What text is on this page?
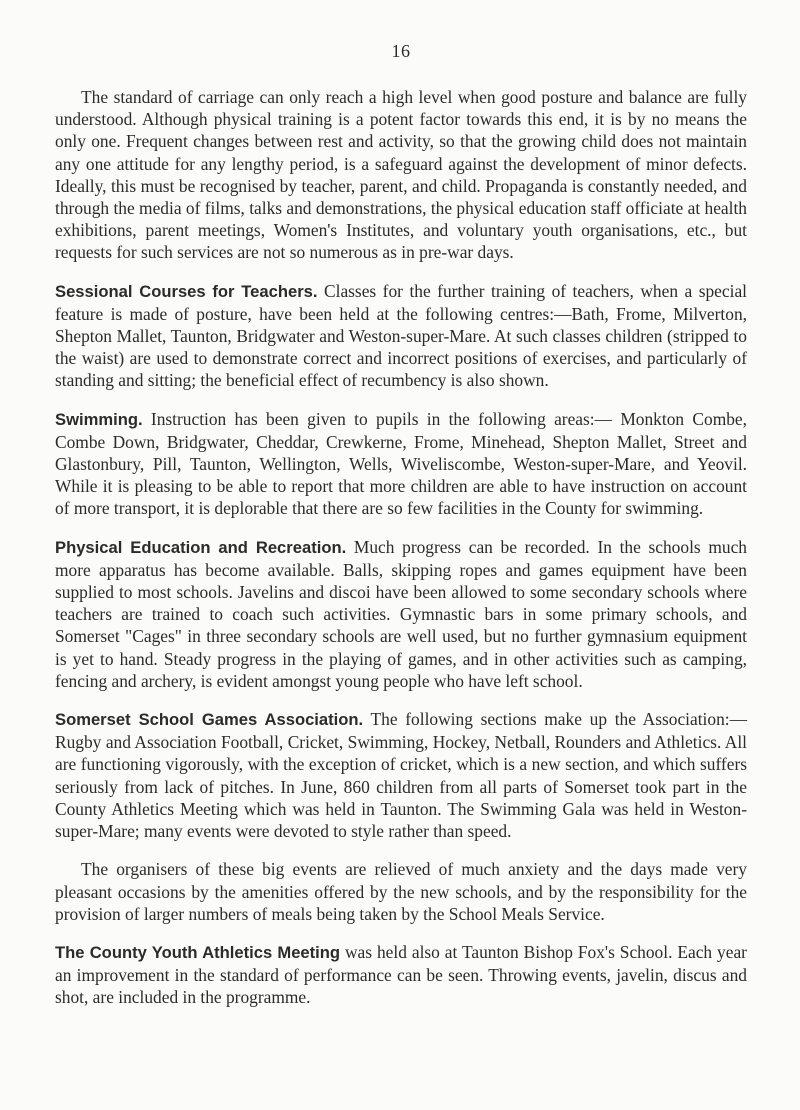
16

The standard of carriage can only reach a high level when good posture and balance are fully understood. Although physical training is a potent factor towards this end, it is by no means the only one. Frequent changes between rest and activity, so that the growing child does not maintain any one attitude for any lengthy period, is a safeguard against the development of minor defects. Ideally, this must be recognised by teacher, parent, and child. Propaganda is constantly needed, and through the media of films, talks and demonstrations, the physical education staff officiate at health exhibitions, parent meetings, Women's Institutes, and voluntary youth organisations, etc., but requests for such services are not so numerous as in pre-war days.

Sessional Courses for Teachers. Classes for the further training of teachers, when a special feature is made of posture, have been held at the following centres:—Bath, Frome, Milverton, Shepton Mallet, Taunton, Bridgwater and Weston-super-Mare. At such classes children (stripped to the waist) are used to demonstrate correct and incorrect positions of exercises, and particularly of standing and sitting; the beneficial effect of recumbency is also shown.

Swimming. Instruction has been given to pupils in the following areas:— Monkton Combe, Combe Down, Bridgwater, Cheddar, Crewkerne, Frome, Minehead, Shepton Mallet, Street and Glastonbury, Pill, Taunton, Wellington, Wells, Wiveliscombe, Weston-super-Mare, and Yeovil. While it is pleasing to be able to report that more children are able to have instruction on account of more transport, it is deplorable that there are so few facilities in the County for swimming.

Physical Education and Recreation. Much progress can be recorded. In the schools much more apparatus has become available. Balls, skipping ropes and games equipment have been supplied to most schools. Javelins and discoi have been allowed to some secondary schools where teachers are trained to coach such activities. Gymnastic bars in some primary schools, and Somerset "Cages" in three secondary schools are well used, but no further gymnasium equipment is yet to hand. Steady progress in the playing of games, and in other activities such as camping, fencing and archery, is evident amongst young people who have left school.

Somerset School Games Association. The following sections make up the Association:—Rugby and Association Football, Cricket, Swimming, Hockey, Netball, Rounders and Athletics. All are functioning vigorously, with the exception of cricket, which is a new section, and which suffers seriously from lack of pitches. In June, 860 children from all parts of Somerset took part in the County Athletics Meeting which was held in Taunton. The Swimming Gala was held in Weston-super-Mare; many events were devoted to style rather than speed.

The organisers of these big events are relieved of much anxiety and the days made very pleasant occasions by the amenities offered by the new schools, and by the responsibility for the provision of larger numbers of meals being taken by the School Meals Service.

The County Youth Athletics Meeting was held also at Taunton Bishop Fox's School. Each year an improvement in the standard of performance can be seen. Throwing events, javelin, discus and shot, are included in the programme.
